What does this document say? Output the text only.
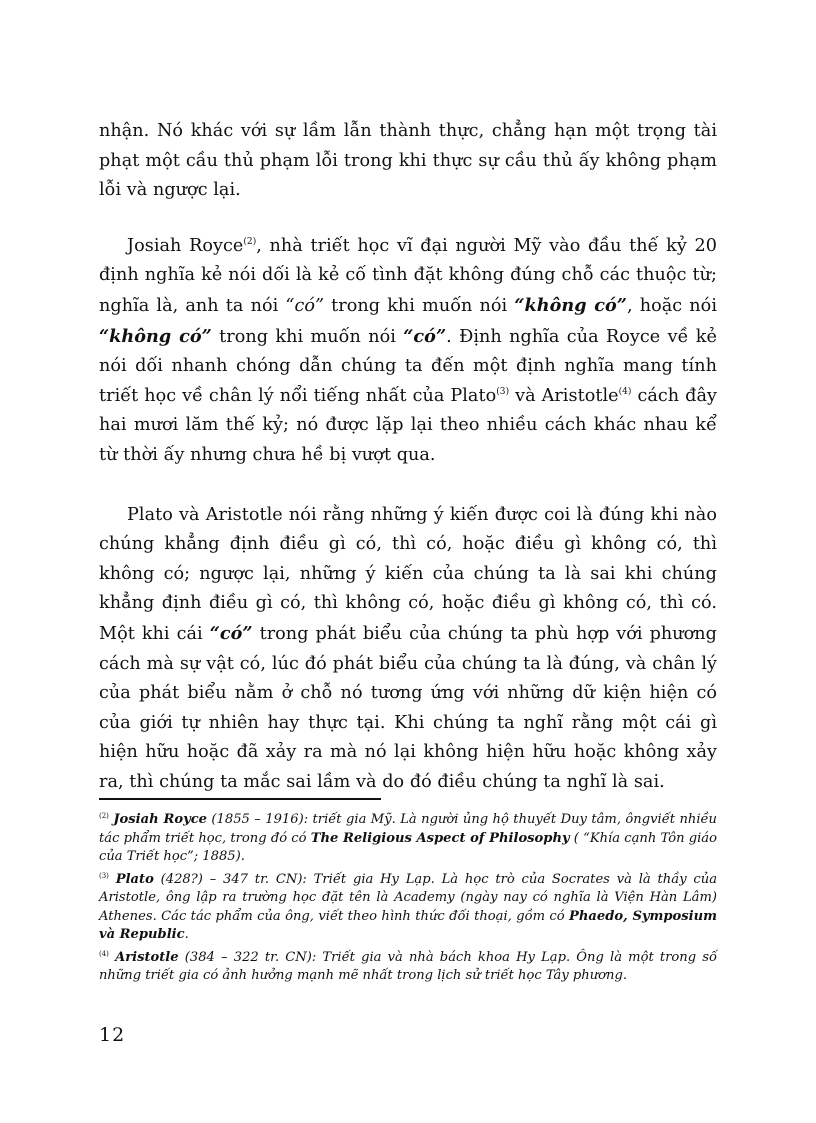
nhận. Nó khác với sự lầm lẫn thành thực, chẳng hạn một trọng tài phạt một cầu thủ phạm lỗi trong khi thực sự cầu thủ ấy không phạm lỗi và ngược lại.

Josiah Royce$^{(2)}$, nhà triết học vĩ đại người Mỹ vào đầu thế kỷ 20 định nghĩa kẻ nói dối là kẻ cố tình đặt không đúng chỗ các thuộc từ; nghĩa là, anh ta nói “có” trong khi muốn nói “không có”, hoặc nói “không có” trong khi muốn nói “có”. Định nghĩa của Royce về kẻ nói dối nhanh chóng dẫn chúng ta đến một định nghĩa mang tính triết học về chân lý nổi tiếng nhất của Plato$^{(3)}$ và Aristotle$^{(4)}$ cách đây hai mươi lăm thế kỷ; nó được lặp lại theo nhiều cách khác nhau kể từ thời ấy nhưng chưa hề bị vượt qua.

Plato và Aristotle nói rằng những ý kiến được coi là đúng khi nào chúng khẳng định điều gì có, thì có, hoặc điều gì không có, thì không có; ngược lại, những ý kiến của chúng ta là sai khi chúng khẳng định điều gì có, thì không có, hoặc điều gì không có, thì có. Một khi cái “có” trong phát biểu của chúng ta phù hợp với phương cách mà sự vật có, lúc đó phát biểu của chúng ta là đúng, và chân lý của phát biểu nằm ở chỗ nó tương ứng với những dữ kiện hiện có của giới tự nhiên hay thực tại. Khi chúng ta nghĩ rằng một cái gì hiện hữu hoặc đã xảy ra mà nó lại không hiện hữu hoặc không xảy ra, thì chúng ta mắc sai lầm và do đó điều chúng ta nghĩ là sai.

$^{(2)}$ Josiah Royce (1855 – 1916): triết gia Mỹ. Là người ủng hộ thuyết Duy tâm, ôngviết nhiều tác phẩm triết học, trong đó có The Religious Aspect of Philosophy ( “Khía cạnh Tôn giáo của Triết học”; 1885).

$^{(3)}$ Plato (428?) – 347 tr. CN): Triết gia Hy Lạp. Là học trò của Socrates và là thầy của Aristotle, ông lập ra trường học đặt tên là Academy (ngày nay có nghĩa là Viện Hàn Lâm) Athenes. Các tác phẩm của ông, viết theo hình thức đối thoại, gồm có Phaedo, Symposium và Republic.

$^{(4)}$ Aristotle (384 – 322 tr. CN): Triết gia và nhà bách khoa Hy Lạp. Ông là một trong số những triết gia có ảnh hưởng mạnh mẽ nhất trong lịch sử triết học Tây phương.

12
